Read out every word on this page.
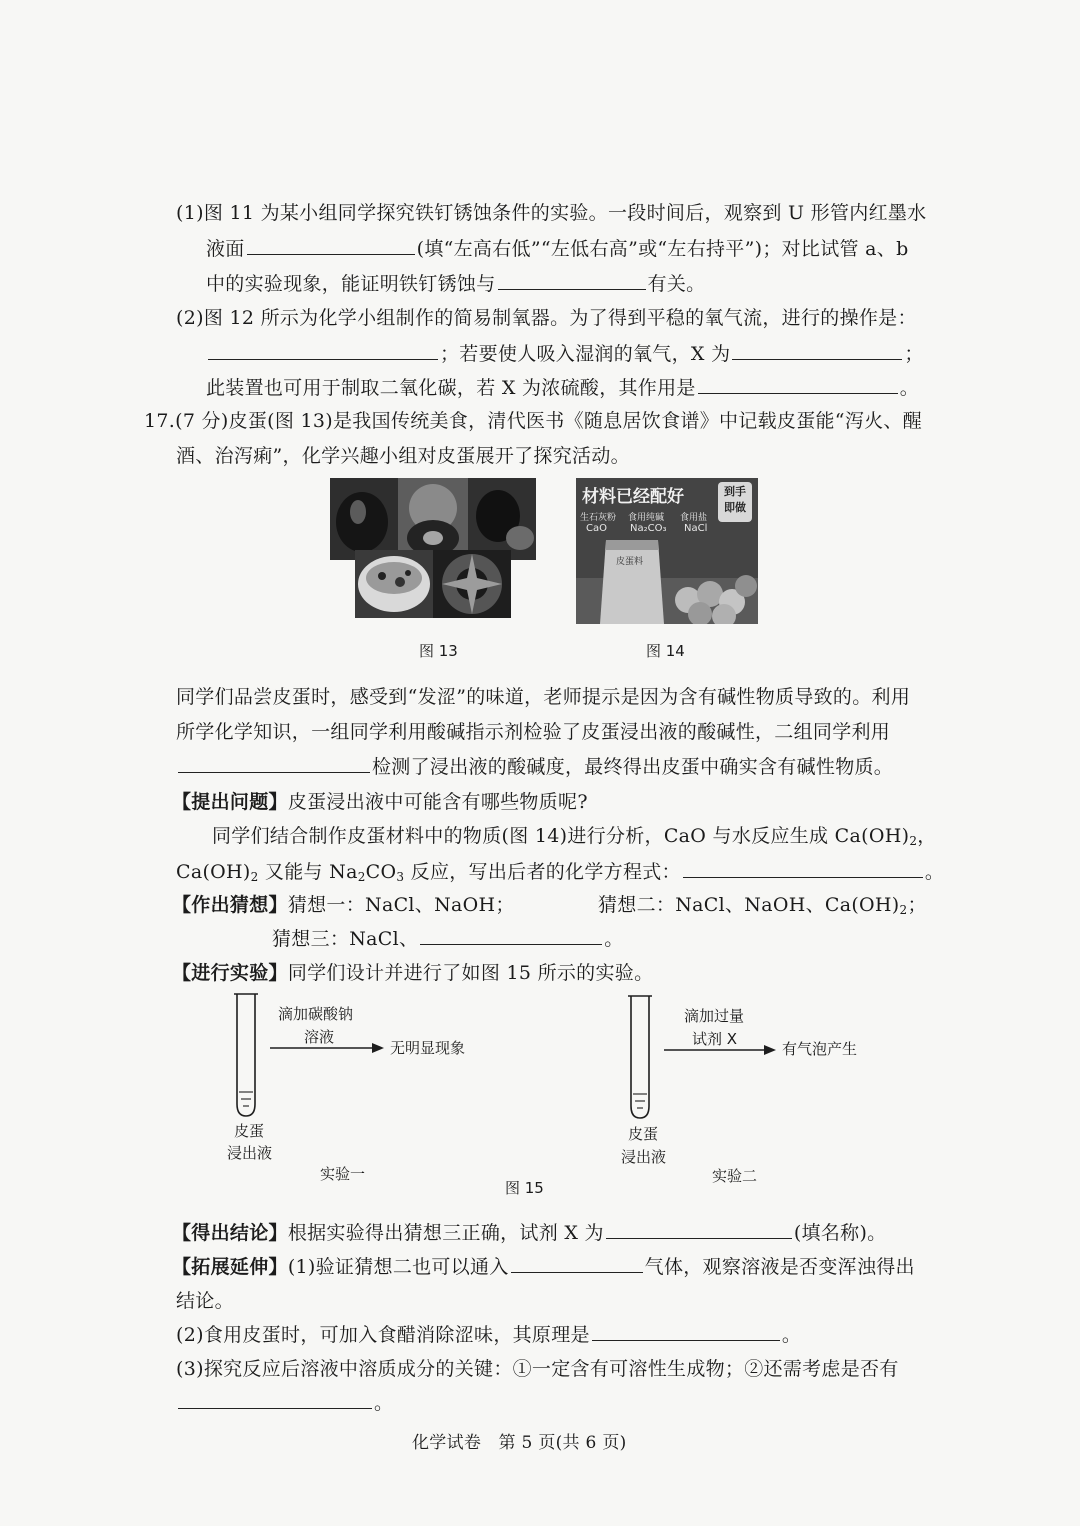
(1)图 11 为某小组同学探究铁钉锈蚀条件的实验。一段时间后，观察到 U 形管内红墨水
液面	(填“左高右低”“左低右高”或“左右持平”)；对比试管 a、b
中的实验现象，能证明铁钉锈蚀与	有关。
(2)图 12 所示为化学小组制作的简易制氧器。为了得到平稳的氧气流，进行的操作是：
；若要使人吸入湿润的氧气，X 为	；
此装置也可用于制取二氧化碳，若 X 为浓硫酸，其作用是	。
17.(7 分)皮蛋(图 13)是我国传统美食，清代医书《随息居饮食谱》中记载皮蛋能“泻火、醒
酒、治泻痢”，化学兴趣小组对皮蛋展开了探究活动。
图 13
材料已经配好	到手
即做
生石灰粉 食用纯碱 食用盐
CaO Na₂CO₃ NaCl
皮蛋料
图 14
同学们品尝皮蛋时，感受到“发涩”的味道，老师提示是因为含有碱性物质导致的。利用
所学化学知识，一组同学利用酸碱指示剂检验了皮蛋浸出液的酸碱性，二组同学利用
检测了浸出液的酸碱度，最终得出皮蛋中确实含有碱性物质。
【提出问题】皮蛋浸出液中可能含有哪些物质呢?
同学们结合制作皮蛋材料中的物质(图 14)进行分析，CaO 与水反应生成 $Ca(OH)_2$，
$Ca(OH)_2$ 又能与 $Na_2CO_3$ 反应，写出后者的化学方程式：	。
【作出猜想】猜想一：NaCl、NaOH；	猜想二：NaCl、NaOH、$Ca(OH)_2$；
猜想三：NaCl、	。
【进行实验】同学们设计并进行了如图 15 所示的实验。
滴加碳酸钠
溶液
无明显现象
皮蛋
浸出液
实验一
滴加过量
试剂 X
有气泡产生
皮蛋
浸出液
实验二
图 15
【得出结论】根据实验得出猜想三正确，试剂 X 为	(填名称)。
【拓展延伸】(1)验证猜想二也可以通入	气体，观察溶液是否变浑浊得出
结论。
(2)食用皮蛋时，可加入食醋消除涩味，其原理是	。
(3)探究反应后溶液中溶质成分的关键：①一定含有可溶性生成物；②还需考虑是否有
。
化学试卷　第 5 页(共 6 页)
